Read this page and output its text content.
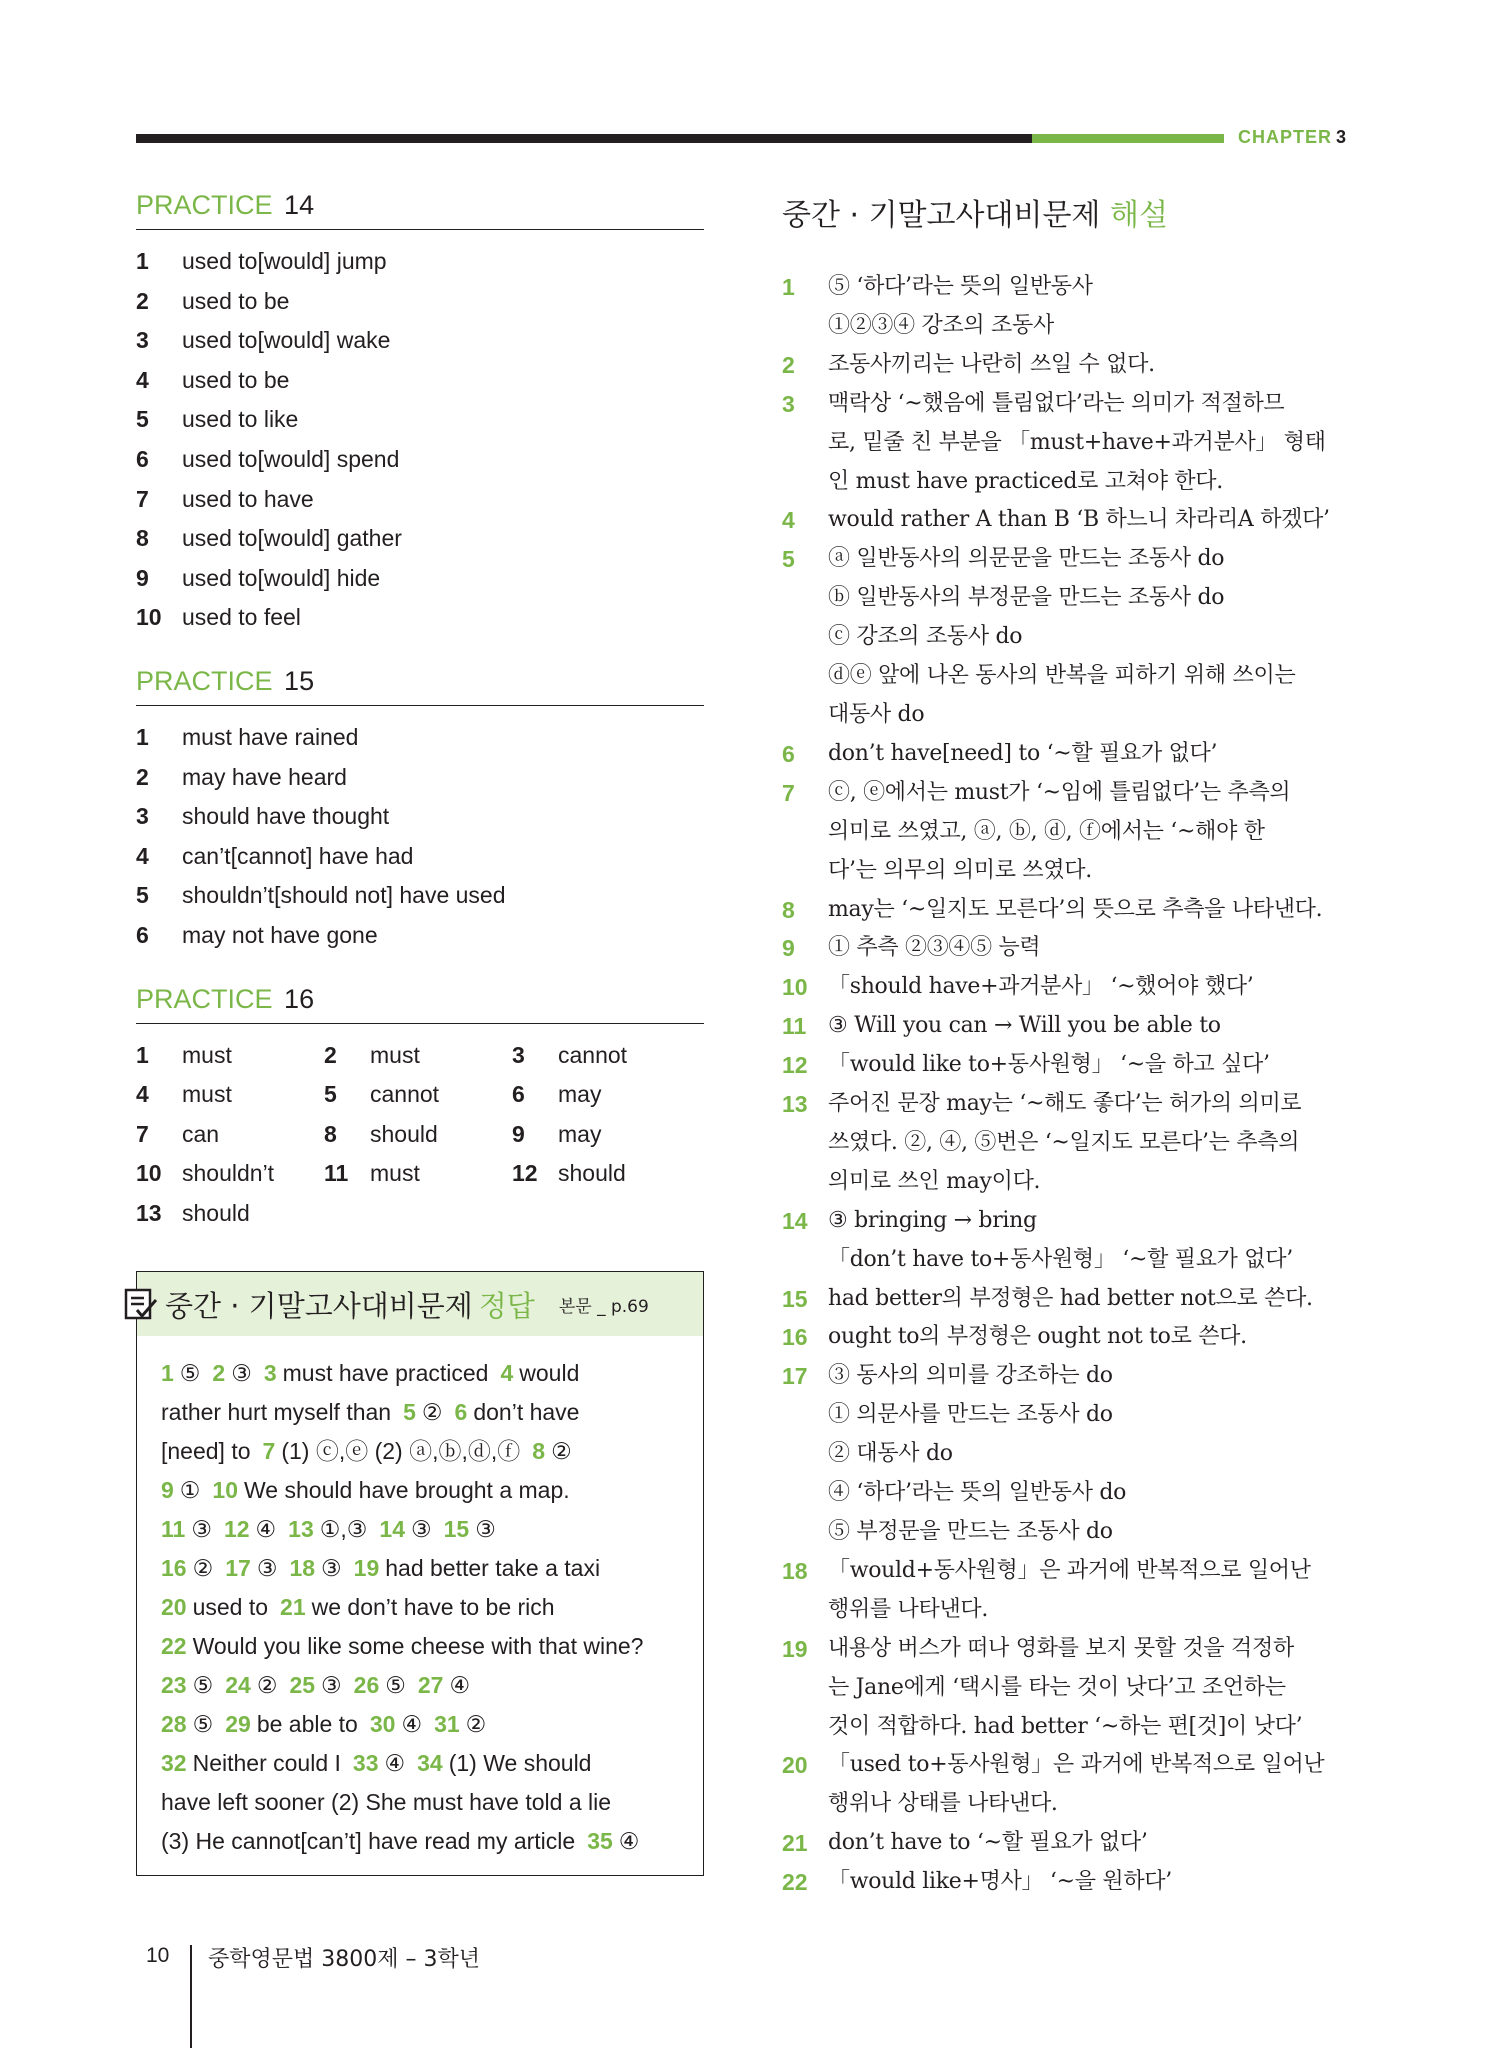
CHAPTER 3
PRACTICE 14
1 used to[would] jump
2 used to be
3 used to[would] wake
4 used to be
5 used to like
6 used to[would] spend
7 used to have
8 used to[would] gather
9 used to[would] hide
10 used to feel
PRACTICE 15
1 must have rained
2 may have heard
3 should have thought
4 can’t[cannot] have had
5 shouldn’t[should not] have used
6 may not have gone
PRACTICE 16
1 must	2 must	3 cannot
4 must	5 cannot	6 may
7 can	8 should	9 may
10 shouldn’t	11 must	12 should
13 should
중간 · 기말고사대비문제 정답 본문 _ p.69
1 ⑤ 2 ③ 3 must have practiced 4 would
rather hurt myself than 5 ② 6 don’t have
[need] to 7 (1) ⓒ,ⓔ (2) ⓐ,ⓑ,ⓓ,ⓕ 8 ②
9 ① 10 We should have brought a map.
11 ③ 12 ④ 13 ①,③ 14 ③ 15 ③
16 ② 17 ③ 18 ③ 19 had better take a taxi
20 used to 21 we don’t have to be rich
22 Would you like some cheese with that wine?
23 ⑤ 24 ② 25 ③ 26 ⑤ 27 ④
28 ⑤ 29 be able to 30 ④ 31 ②
32 Neither could I 33 ④ 34 (1) We should
have left sooner (2) She must have told a lie
(3) He cannot[can’t] have read my article 35 ④
중간 · 기말고사대비문제 해설
1	⑤ ‘하다’라는 뜻의 일반동사
①②③④ 강조의 조동사
2	조동사끼리는 나란히 쓰일 수 없다.
3	맥락상 ‘~했음에 틀림없다’라는 의미가 적절하므
로, 밑줄 친 부분을 「must+have+과거분사」 형태
인 must have practiced로 고쳐야 한다.
4	would rather A than B ‘B 하느니 차라리A 하겠다’
5	ⓐ 일반동사의 의문문을 만드는 조동사 do
ⓑ 일반동사의 부정문을 만드는 조동사 do
ⓒ 강조의 조동사 do
ⓓⓔ 앞에 나온 동사의 반복을 피하기 위해 쓰이는
대동사 do
6	don’t have[need] to ‘~할 필요가 없다’
7	ⓒ, ⓔ에서는 must가 ‘~임에 틀림없다’는 추측의
의미로 쓰였고, ⓐ, ⓑ, ⓓ, ⓕ에서는 ‘~해야 한
다’는 의무의 의미로 쓰였다.
8	may는 ‘~일지도 모른다’의 뜻으로 추측을 나타낸다.
9	① 추측 ②③④⑤ 능력
10 「should have+과거분사」 ‘~했어야 했다’
11 ③ Will you can → Will you be able to
12 「would like to+동사원형」 ‘~을 하고 싶다’
13 주어진 문장 may는 ‘~해도 좋다’는 허가의 의미로
쓰였다. ②, ④, ⑤번은 ‘~일지도 모른다’는 추측의
의미로 쓰인 may이다.
14 ③ bringing → bring
「don’t have to+동사원형」 ‘~할 필요가 없다’
15 had better의 부정형은 had better not으로 쓴다.
16 ought to의 부정형은 ought not to로 쓴다.
17 ③ 동사의 의미를 강조하는 do
① 의문사를 만드는 조동사 do
② 대동사 do
④ ‘하다’라는 뜻의 일반동사 do
⑤ 부정문을 만드는 조동사 do
18 「would+동사원형」은 과거에 반복적으로 일어난
행위를 나타낸다.
19 내용상 버스가 떠나 영화를 보지 못할 것을 걱정하
는 Jane에게 ‘택시를 타는 것이 낫다’고 조언하는
것이 적합하다. had better ‘~하는 편[것]이 낫다’
20 「used to+동사원형」은 과거에 반복적으로 일어난
행위나 상태를 나타낸다.
21 don’t have to ‘~할 필요가 없다’
22 「would like+명사」 ‘~을 원하다’
10 중학영문법 3800제 – 3학년
